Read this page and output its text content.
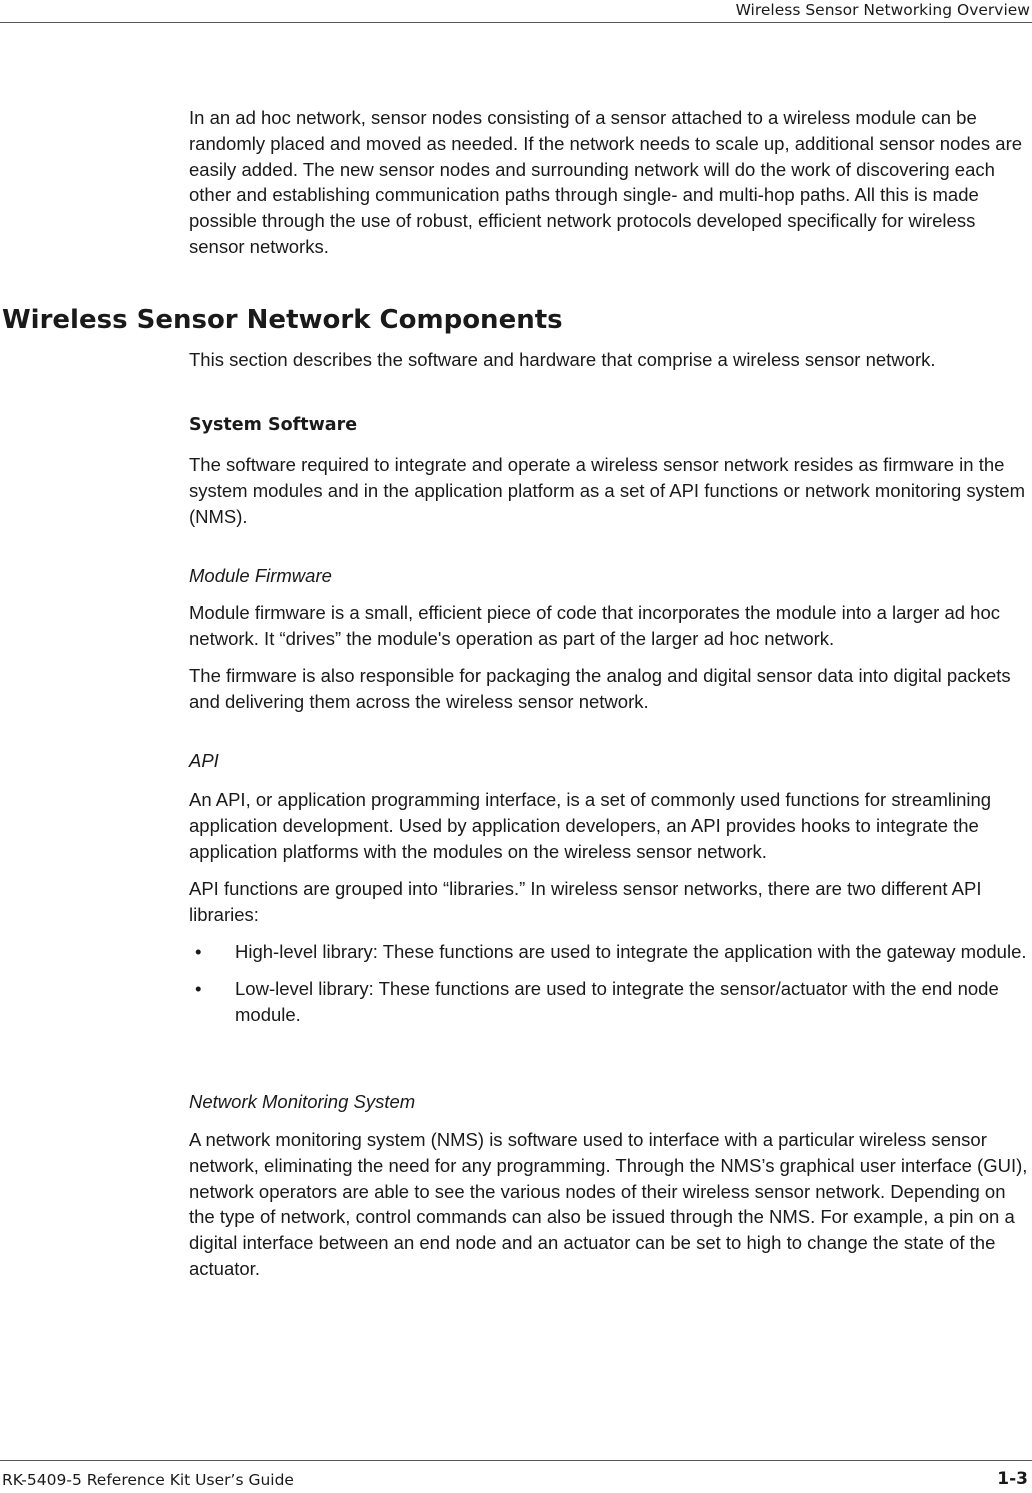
Wireless Sensor Networking Overview

In an ad hoc network, sensor nodes consisting of a sensor attached to a wireless module can be randomly placed and moved as needed. If the network needs to scale up, additional sensor nodes are easily added. The new sensor nodes and surrounding network will do the work of discovering each other and establishing communication paths through single- and multi-hop paths. All this is made possible through the use of robust, efficient network protocols developed specifically for wireless sensor networks.

Wireless Sensor Network Components

This section describes the software and hardware that comprise a wireless sensor network.

System Software

The software required to integrate and operate a wireless sensor network resides as firmware in the system modules and in the application platform as a set of API functions or network monitoring system (NMS).

Module Firmware

Module firmware is a small, efficient piece of code that incorporates the module into a larger ad hoc network. It “drives” the module's operation as part of the larger ad hoc network.

The firmware is also responsible for packaging the analog and digital sensor data into digital packets and delivering them across the wireless sensor network.

API

An API, or application programming interface, is a set of commonly used functions for streamlining application development. Used by application developers, an API provides hooks to integrate the application platforms with the modules on the wireless sensor network.

API functions are grouped into “libraries.” In wireless sensor networks, there are two different API libraries:

• High-level library: These functions are used to integrate the application with the gateway module.
• Low-level library: These functions are used to integrate the sensor/actuator with the end node module.
Network Monitoring System

A network monitoring system (NMS) is software used to interface with a particular wireless sensor network, eliminating the need for any programming. Through the NMS’s graphical user interface (GUI), network operators are able to see the various nodes of their wireless sensor network. Depending on the type of network, control commands can also be issued through the NMS. For example, a pin on a digital interface between an end node and an actuator can be set to high to change the state of the actuator.

RK-5409-5 Reference Kit User’s Guide	1-3
